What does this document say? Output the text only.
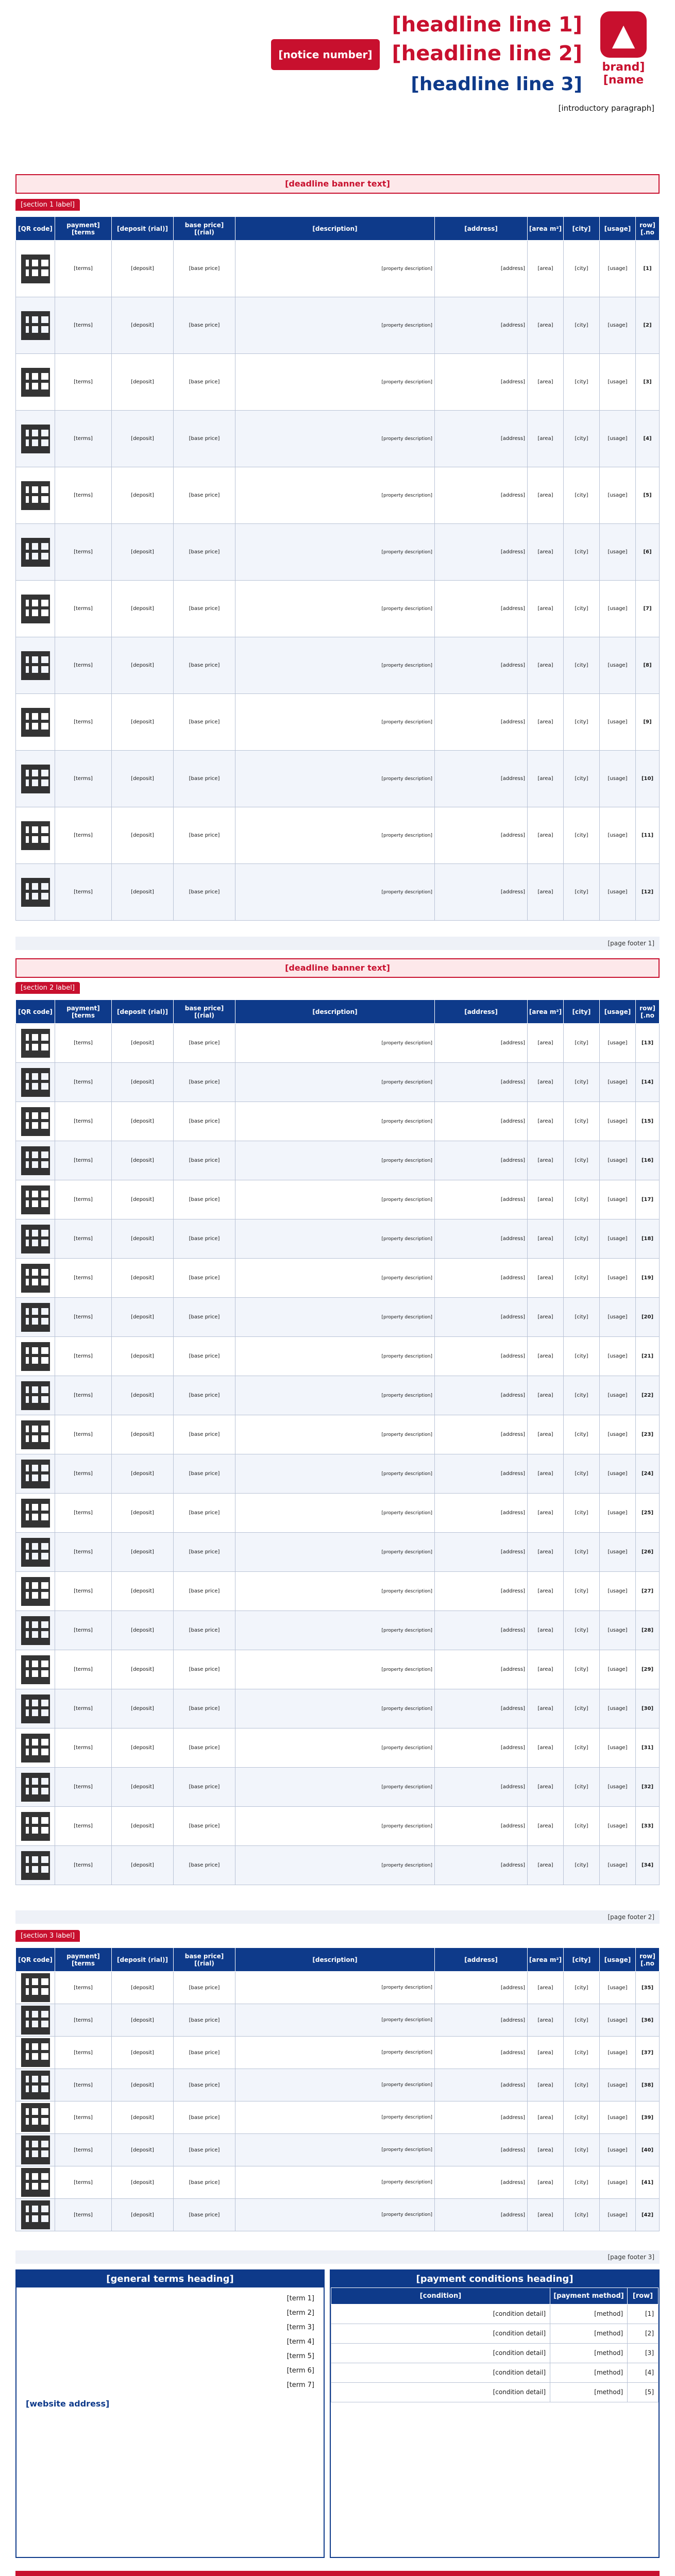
▲
[brand name]
[headline line 1]
[headline line 2] [notice number]
[headline line 3]
[introductory paragraph]
[deadline banner text]
[section 1 label]
[row no.]	[usage]	[city]	[area m²]	[address]	[description]	[base price (rial)]	[deposit (rial)]	[payment terms]	[QR code]
[1]	[usage]	[city]	[area]	[address]	[property description]	[base price]	[deposit]	[terms]	

[2]	[usage]	[city]	[area]	[address]	[property description]	[base price]	[deposit]	[terms]	

[3]	[usage]	[city]	[area]	[address]	[property description]	[base price]	[deposit]	[terms]	

[4]	[usage]	[city]	[area]	[address]	[property description]	[base price]	[deposit]	[terms]	

[5]	[usage]	[city]	[area]	[address]	[property description]	[base price]	[deposit]	[terms]	

[6]	[usage]	[city]	[area]	[address]	[property description]	[base price]	[deposit]	[terms]	

[7]	[usage]	[city]	[area]	[address]	[property description]	[base price]	[deposit]	[terms]	

[8]	[usage]	[city]	[area]	[address]	[property description]	[base price]	[deposit]	[terms]	

[9]	[usage]	[city]	[area]	[address]	[property description]	[base price]	[deposit]	[terms]	

[10]	[usage]	[city]	[area]	[address]	[property description]	[base price]	[deposit]	[terms]	

[11]	[usage]	[city]	[area]	[address]	[property description]	[base price]	[deposit]	[terms]	

[12]	[usage]	[city]	[area]	[address]	[property description]	[base price]	[deposit]	[terms]	
[page footer 1]
[deadline banner text]
[section 2 label]
[row no.]	[usage]	[city]	[area m²]	[address]	[description]	[base price (rial)]	[deposit (rial)]	[payment terms]	[QR code]
[13]	[usage]	[city]	[area]	[address]	[property description]	[base price]	[deposit]	[terms]	

[14]	[usage]	[city]	[area]	[address]	[property description]	[base price]	[deposit]	[terms]	

[15]	[usage]	[city]	[area]	[address]	[property description]	[base price]	[deposit]	[terms]	

[16]	[usage]	[city]	[area]	[address]	[property description]	[base price]	[deposit]	[terms]	

[17]	[usage]	[city]	[area]	[address]	[property description]	[base price]	[deposit]	[terms]	

[18]	[usage]	[city]	[area]	[address]	[property description]	[base price]	[deposit]	[terms]	

[19]	[usage]	[city]	[area]	[address]	[property description]	[base price]	[deposit]	[terms]	

[20]	[usage]	[city]	[area]	[address]	[property description]	[base price]	[deposit]	[terms]	

[21]	[usage]	[city]	[area]	[address]	[property description]	[base price]	[deposit]	[terms]	

[22]	[usage]	[city]	[area]	[address]	[property description]	[base price]	[deposit]	[terms]	

[23]	[usage]	[city]	[area]	[address]	[property description]	[base price]	[deposit]	[terms]	

[24]	[usage]	[city]	[area]	[address]	[property description]	[base price]	[deposit]	[terms]	

[25]	[usage]	[city]	[area]	[address]	[property description]	[base price]	[deposit]	[terms]	

[26]	[usage]	[city]	[area]	[address]	[property description]	[base price]	[deposit]	[terms]	

[27]	[usage]	[city]	[area]	[address]	[property description]	[base price]	[deposit]	[terms]	

[28]	[usage]	[city]	[area]	[address]	[property description]	[base price]	[deposit]	[terms]	

[29]	[usage]	[city]	[area]	[address]	[property description]	[base price]	[deposit]	[terms]	

[30]	[usage]	[city]	[area]	[address]	[property description]	[base price]	[deposit]	[terms]	

[31]	[usage]	[city]	[area]	[address]	[property description]	[base price]	[deposit]	[terms]	

[32]	[usage]	[city]	[area]	[address]	[property description]	[base price]	[deposit]	[terms]	

[33]	[usage]	[city]	[area]	[address]	[property description]	[base price]	[deposit]	[terms]	

[34]	[usage]	[city]	[area]	[address]	[property description]	[base price]	[deposit]	[terms]	
[page footer 2]
[section 3 label]
[row no.]	[usage]	[city]	[area m²]	[address]	[description]	[base price (rial)]	[deposit (rial)]	[payment terms]	[QR code]
[35]	[usage]	[city]	[area]	[address]	[property description]	[base price]	[deposit]	[terms]	

[36]	[usage]	[city]	[area]	[address]	[property description]	[base price]	[deposit]	[terms]	

[37]	[usage]	[city]	[area]	[address]	[property description]	[base price]	[deposit]	[terms]	

[38]	[usage]	[city]	[area]	[address]	[property description]	[base price]	[deposit]	[terms]	

[39]	[usage]	[city]	[area]	[address]	[property description]	[base price]	[deposit]	[terms]	

[40]	[usage]	[city]	[area]	[address]	[property description]	[base price]	[deposit]	[terms]	

[41]	[usage]	[city]	[area]	[address]	[property description]	[base price]	[deposit]	[terms]	

[42]	[usage]	[city]	[area]	[address]	[property description]	[base price]	[deposit]	[terms]	
[page footer 3]
[general terms heading]
[term 1]
[term 2]
[term 3]
[term 4]
[term 5]
[term 6]
[term 7]
[website address]
[payment conditions heading]
[row]	[payment method]	[condition]
[1]	[method]	[condition detail]
[2]	[method]	[condition detail]
[3]	[method]	[condition detail]
[4]	[method]	[condition detail]
[5]	[method]	[condition detail]
